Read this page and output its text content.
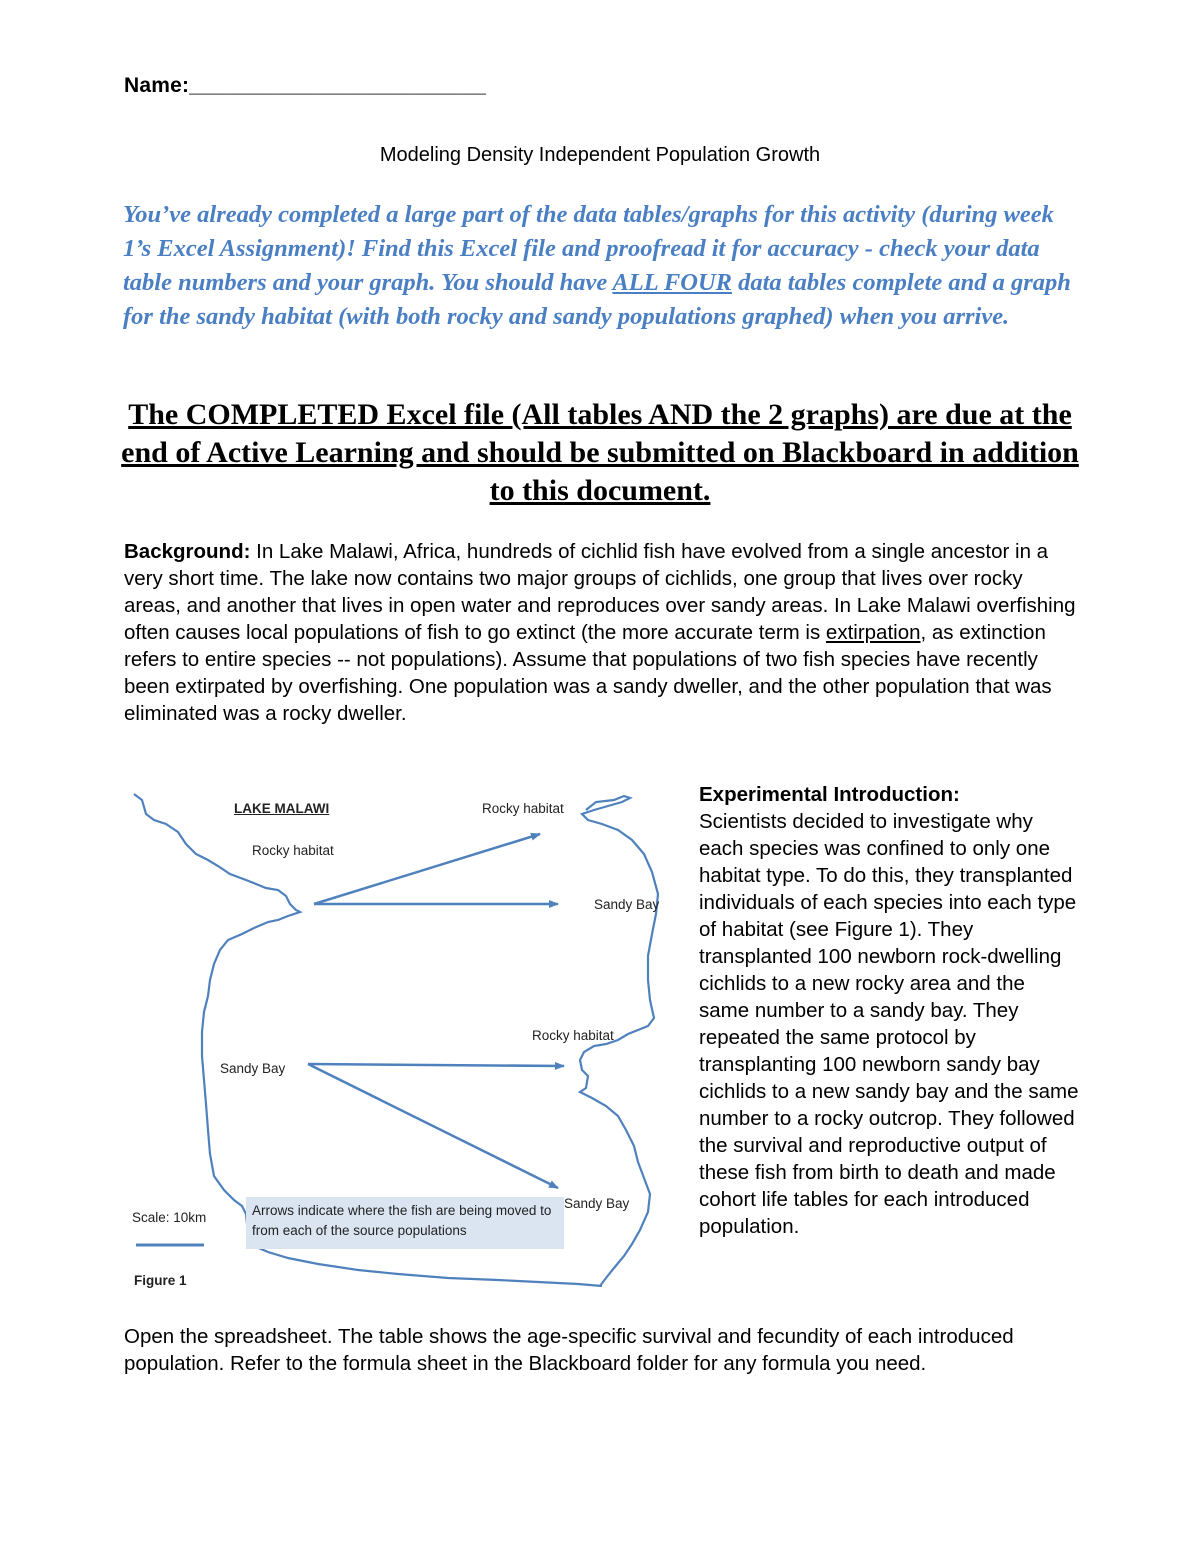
Name:_________________________
Modeling Density Independent Population Growth
You’ve already completed a large part of the data tables/graphs for this activity (during week 1’s Excel Assignment)! Find this Excel file and proofread it for accuracy - check your data table numbers and your graph. You should have ALL FOUR data tables complete and a graph for the sandy habitat (with both rocky and sandy populations graphed) when you arrive.
The COMPLETED Excel file (All tables AND the 2 graphs) are due at the end of Active Learning and should be submitted on Blackboard in addition to this document.
Background: In Lake Malawi, Africa, hundreds of cichlid fish have evolved from a single ancestor in a very short time. The lake now contains two major groups of cichlids, one group that lives over rocky areas, and another that lives in open water and reproduces over sandy areas. In Lake Malawi overfishing often causes local populations of fish to go extinct (the more accurate term is extirpation, as extinction refers to entire species -- not populations). Assume that populations of two fish species have recently been extirpated by overfishing. One population was a sandy dweller, and the other population that was eliminated was a rocky dweller.
LAKE MALAWI
Rocky habitat
Rocky habitat
Sandy Bay
Rocky habitat
Sandy Bay
Sandy Bay
Scale: 10km	Arrows indicate where the fish are being moved to from each of the source populations
Figure 1
Experimental Introduction:
Scientists decided to investigate why each species was confined to only one habitat type. To do this, they transplanted individuals of each species into each type of habitat (see Figure 1). They transplanted 100 newborn rock-dwelling cichlids to a new rocky area and the same number to a sandy bay. They repeated the same protocol by transplanting 100 newborn sandy bay cichlids to a new sandy bay and the same number to a rocky outcrop. They followed the survival and reproductive output of these fish from birth to death and made cohort life tables for each introduced population.
Open the spreadsheet. The table shows the age-specific survival and fecundity of each introduced population. Refer to the formula sheet in the Blackboard folder for any formula you need.
